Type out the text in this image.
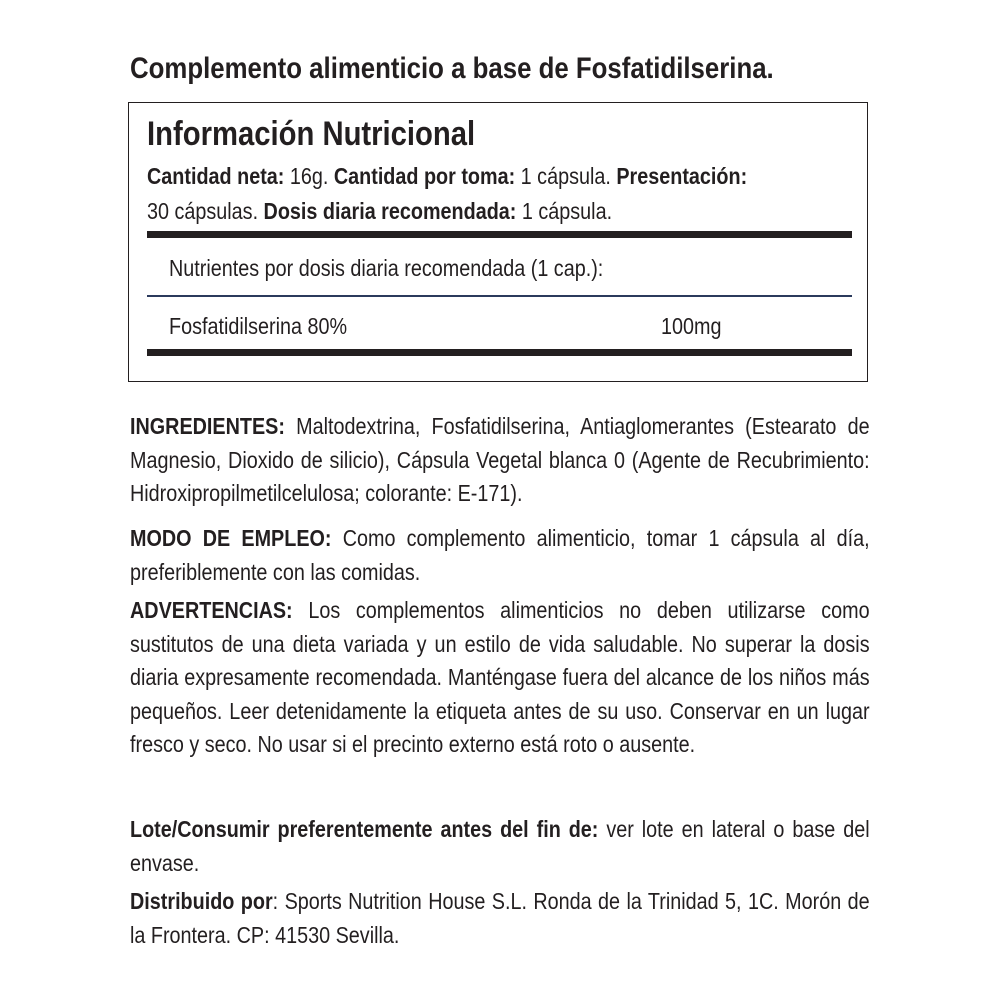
Complemento alimenticio a base de Fosfatidilserina.
Información Nutricional
Cantidad neta: 16g. Cantidad por toma: 1 cápsula. Presentación:
30 cápsulas. Dosis diaria recomendada: 1 cápsula.
Nutrientes por dosis diaria recomendada (1 cap.):
Fosfatidilserina 80%	100mg
INGREDIENTES: Maltodextrina, Fosfatidilserina, Antiaglomerantes (Estearato de Magnesio, Dioxido de silicio), Cápsula Vegetal blanca 0 (Agente de Recubrimiento: Hidroxipropilmetilcelulosa; colorante: E-171).
MODO DE EMPLEO: Como complemento alimenticio, tomar 1 cápsula al día, preferiblemente con las comidas.
ADVERTENCIAS: Los complementos alimenticios no deben utilizarse como sustitutos de una dieta variada y un estilo de vida saludable. No superar la dosis diaria expresamente recomendada. Manténgase fuera del alcance de los niños más pequeños. Leer detenidamente la etiqueta antes de su uso. Conservar en un lugar fresco y seco. No usar si el precinto externo está roto o ausente.
Lote/Consumir preferentemente antes del fin de: ver lote en lateral o base del envase.
Distribuido por: Sports Nutrition House S.L. Ronda de la Trinidad 5, 1C. Morón de la Frontera. CP: 41530 Sevilla.
